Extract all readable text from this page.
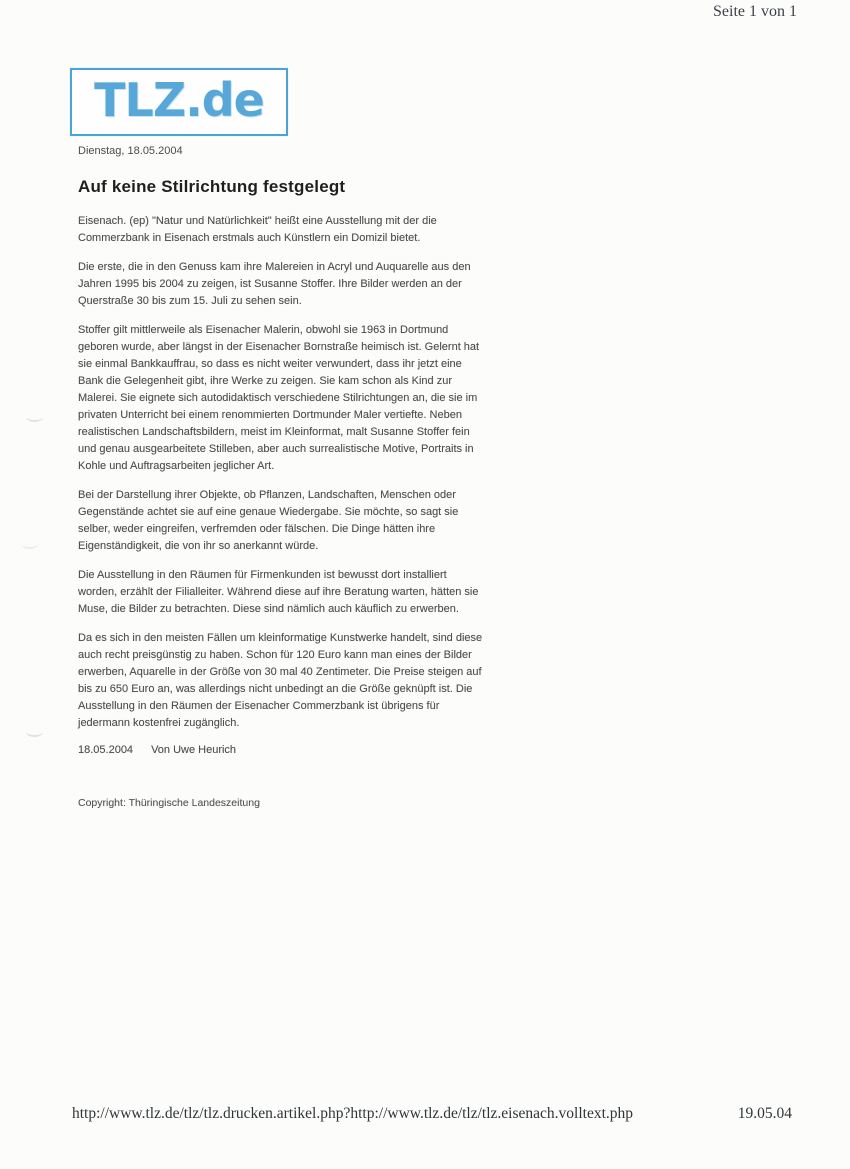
Seite 1 von 1
TLZ.de
Dienstag, 18.05.2004
Auf keine Stilrichtung festgelegt

Eisenach. (ep) "Natur und Natürlichkeit" heißt eine Ausstellung mit der die Commerzbank in Eisenach erstmals auch Künstlern ein Domizil bietet.

Die erste, die in den Genuss kam ihre Malereien in Acryl und Auquarelle aus den Jahren 1995 bis 2004 zu zeigen, ist Susanne Stoffer. Ihre Bilder werden an der Querstraße 30 bis zum 15. Juli zu sehen sein.

Stoffer gilt mittlerweile als Eisenacher Malerin, obwohl sie 1963 in Dortmund geboren wurde, aber längst in der Eisenacher Bornstraße heimisch ist. Gelernt hat sie einmal Bankkauffrau, so dass es nicht weiter verwundert, dass ihr jetzt eine Bank die Gelegenheit gibt, ihre Werke zu zeigen. Sie kam schon als Kind zur Malerei. Sie eignete sich autodidaktisch verschiedene Stilrichtungen an, die sie im privaten Unterricht bei einem renommierten Dortmunder Maler vertiefte. Neben realistischen Landschaftsbildern, meist im Kleinformat, malt Susanne Stoffer fein und genau ausgearbeitete Stilleben, aber auch surrealistische Motive, Portraits in Kohle und Auftragsarbeiten jeglicher Art.

Bei der Darstellung ihrer Objekte, ob Pflanzen, Landschaften, Menschen oder Gegenstände achtet sie auf eine genaue Wiedergabe. Sie möchte, so sagt sie selber, weder eingreifen, verfremden oder fälschen. Die Dinge hätten ihre Eigenständigkeit, die von ihr so anerkannt würde.

Die Ausstellung in den Räumen für Firmenkunden ist bewusst dort installiert worden, erzählt der Filialleiter. Während diese auf ihre Beratung warten, hätten sie Muse, die Bilder zu betrachten. Diese sind nämlich auch käuflich zu erwerben.

Da es sich in den meisten Fällen um kleinformatige Kunstwerke handelt, sind diese auch recht preisgünstig zu haben. Schon für 120 Euro kann man eines der Bilder erwerben, Aquarelle in der Größe von 30 mal 40 Zentimeter. Die Preise steigen auf bis zu 650 Euro an, was allerdings nicht unbedingt an die Größe geknüpft ist. Die Ausstellung in den Räumen der Eisenacher Commerzbank ist übrigens für jedermann kostenfrei zugänglich.

18.05.2004 Von Uwe Heurich
Copyright: Thüringische Landeszeitung
http://www.tlz.de/tlz/tlz.drucken.artikel.php?http://www.tlz.de/tlz/tlz.eisenach.volltext.php	19.05.04
